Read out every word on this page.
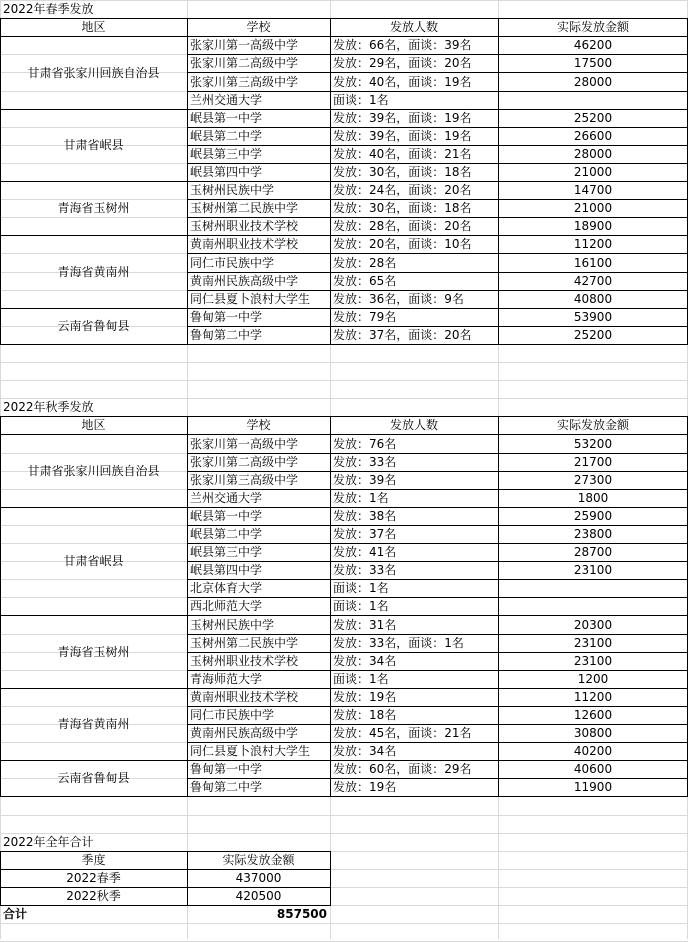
2022年春季发放
地区	学校	发放人数	实际发放金额
甘肃省张家川回族自治县
张家川第一高级中学	发放：66名，面谈：39名	46200
张家川第二高级中学	发放：29名，面谈：20名	17500
张家川第三高级中学	发放：40名，面谈：19名	28000
兰州交通大学	面谈：1名
甘肃省岷县
岷县第一中学	发放：39名，面谈：19名	25200
岷县第二中学	发放：39名，面谈：19名	26600
岷县第三中学	发放：40名，面谈：21名	28000
岷县第四中学	发放：30名，面谈：18名	21000
青海省玉树州
玉树州民族中学	发放：24名，面谈：20名	14700
玉树州第二民族中学	发放：30名，面谈：18名	21000
玉树州职业技术学校	发放：28名，面谈：20名	18900
青海省黄南州
黄南州职业技术学校	发放：20名，面谈：10名	11200
同仁市民族中学	发放：28名	16100
黄南州民族高级中学	发放：65名	42700
同仁县夏卜浪村大学生	发放：36名，面谈：9名	40800
云南省鲁甸县
鲁甸第一中学	发放：79名	53900
鲁甸第二中学	发放：37名，面谈：20名	25200
2022年秋季发放
地区	学校	发放人数	实际发放金额
甘肃省张家川回族自治县
张家川第一高级中学	发放：76名	53200
张家川第二高级中学	发放：33名	21700
张家川第三高级中学	发放：39名	27300
兰州交通大学	发放：1名	1800
甘肃省岷县
岷县第一中学	发放：38名	25900
岷县第二中学	发放：37名	23800
岷县第三中学	发放：41名	28700
岷县第四中学	发放：33名	23100
北京体育大学	面谈：1名
西北师范大学	面谈：1名
青海省玉树州
玉树州民族中学	发放：31名	20300
玉树州第二民族中学	发放：33名，面谈：1名	23100
玉树州职业技术学校	发放：34名	23100
青海师范大学	面谈：1名	1200
青海省黄南州
黄南州职业技术学校	发放：19名	11200
同仁市民族中学	发放：18名	12600
黄南州民族高级中学	发放：45名，面谈：21名	30800
同仁县夏卜浪村大学生	发放：34名	40200
云南省鲁甸县
鲁甸第一中学	发放：60名，面谈：29名	40600
鲁甸第二中学	发放：19名	11900
2022年全年合计
季度	实际发放金额
2022春季	437000
2022秋季	420500
合计	857500
